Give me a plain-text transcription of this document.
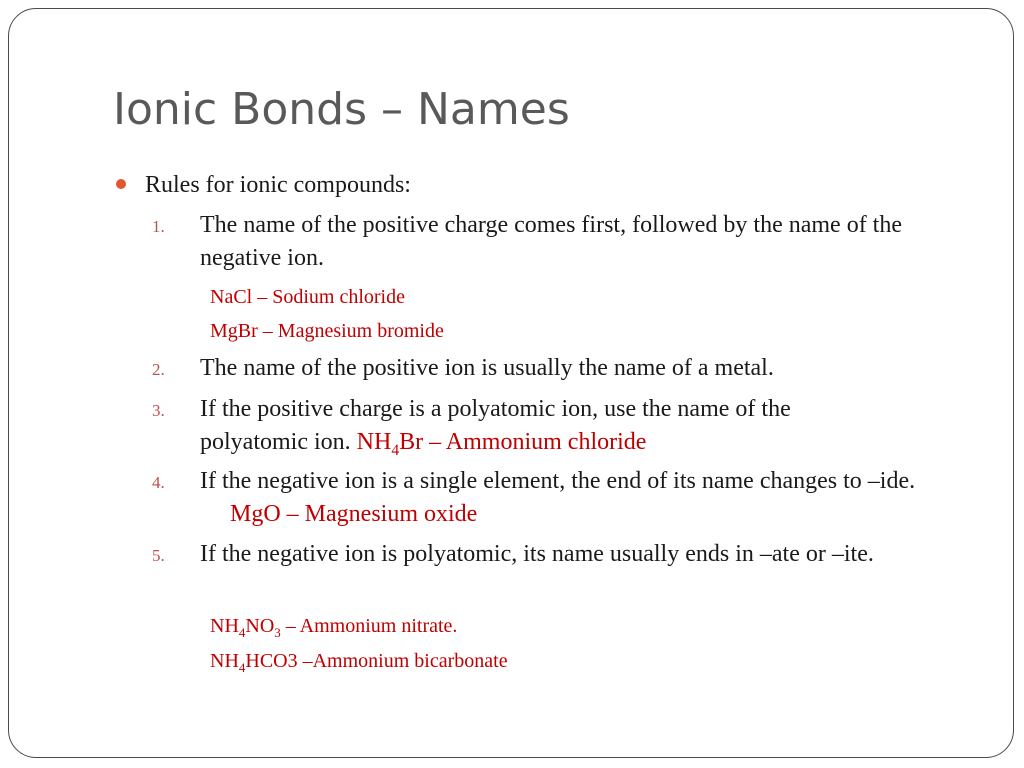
Ionic Bonds – Names
Rules for ionic compounds:
1.	The name of the positive charge comes first, followed by the name of the negative ion.
NaCl – Sodium chloride
MgBr – Magnesium bromide
2.	The name of the positive ion is usually the name of a metal.
3.	If the positive charge is a polyatomic ion, use the name of the polyatomic ion. $NH_4Br$ – Ammonium chloride
4.	If the negative ion is a single element, the end of its name changes to –ide. MgO – Magnesium oxide
5.	If the negative ion is polyatomic, its name usually ends in –ate or –ite.
$NH_4NO_3$ – Ammonium nitrate.
$NH_4HCO3$ –Ammonium bicarbonate
